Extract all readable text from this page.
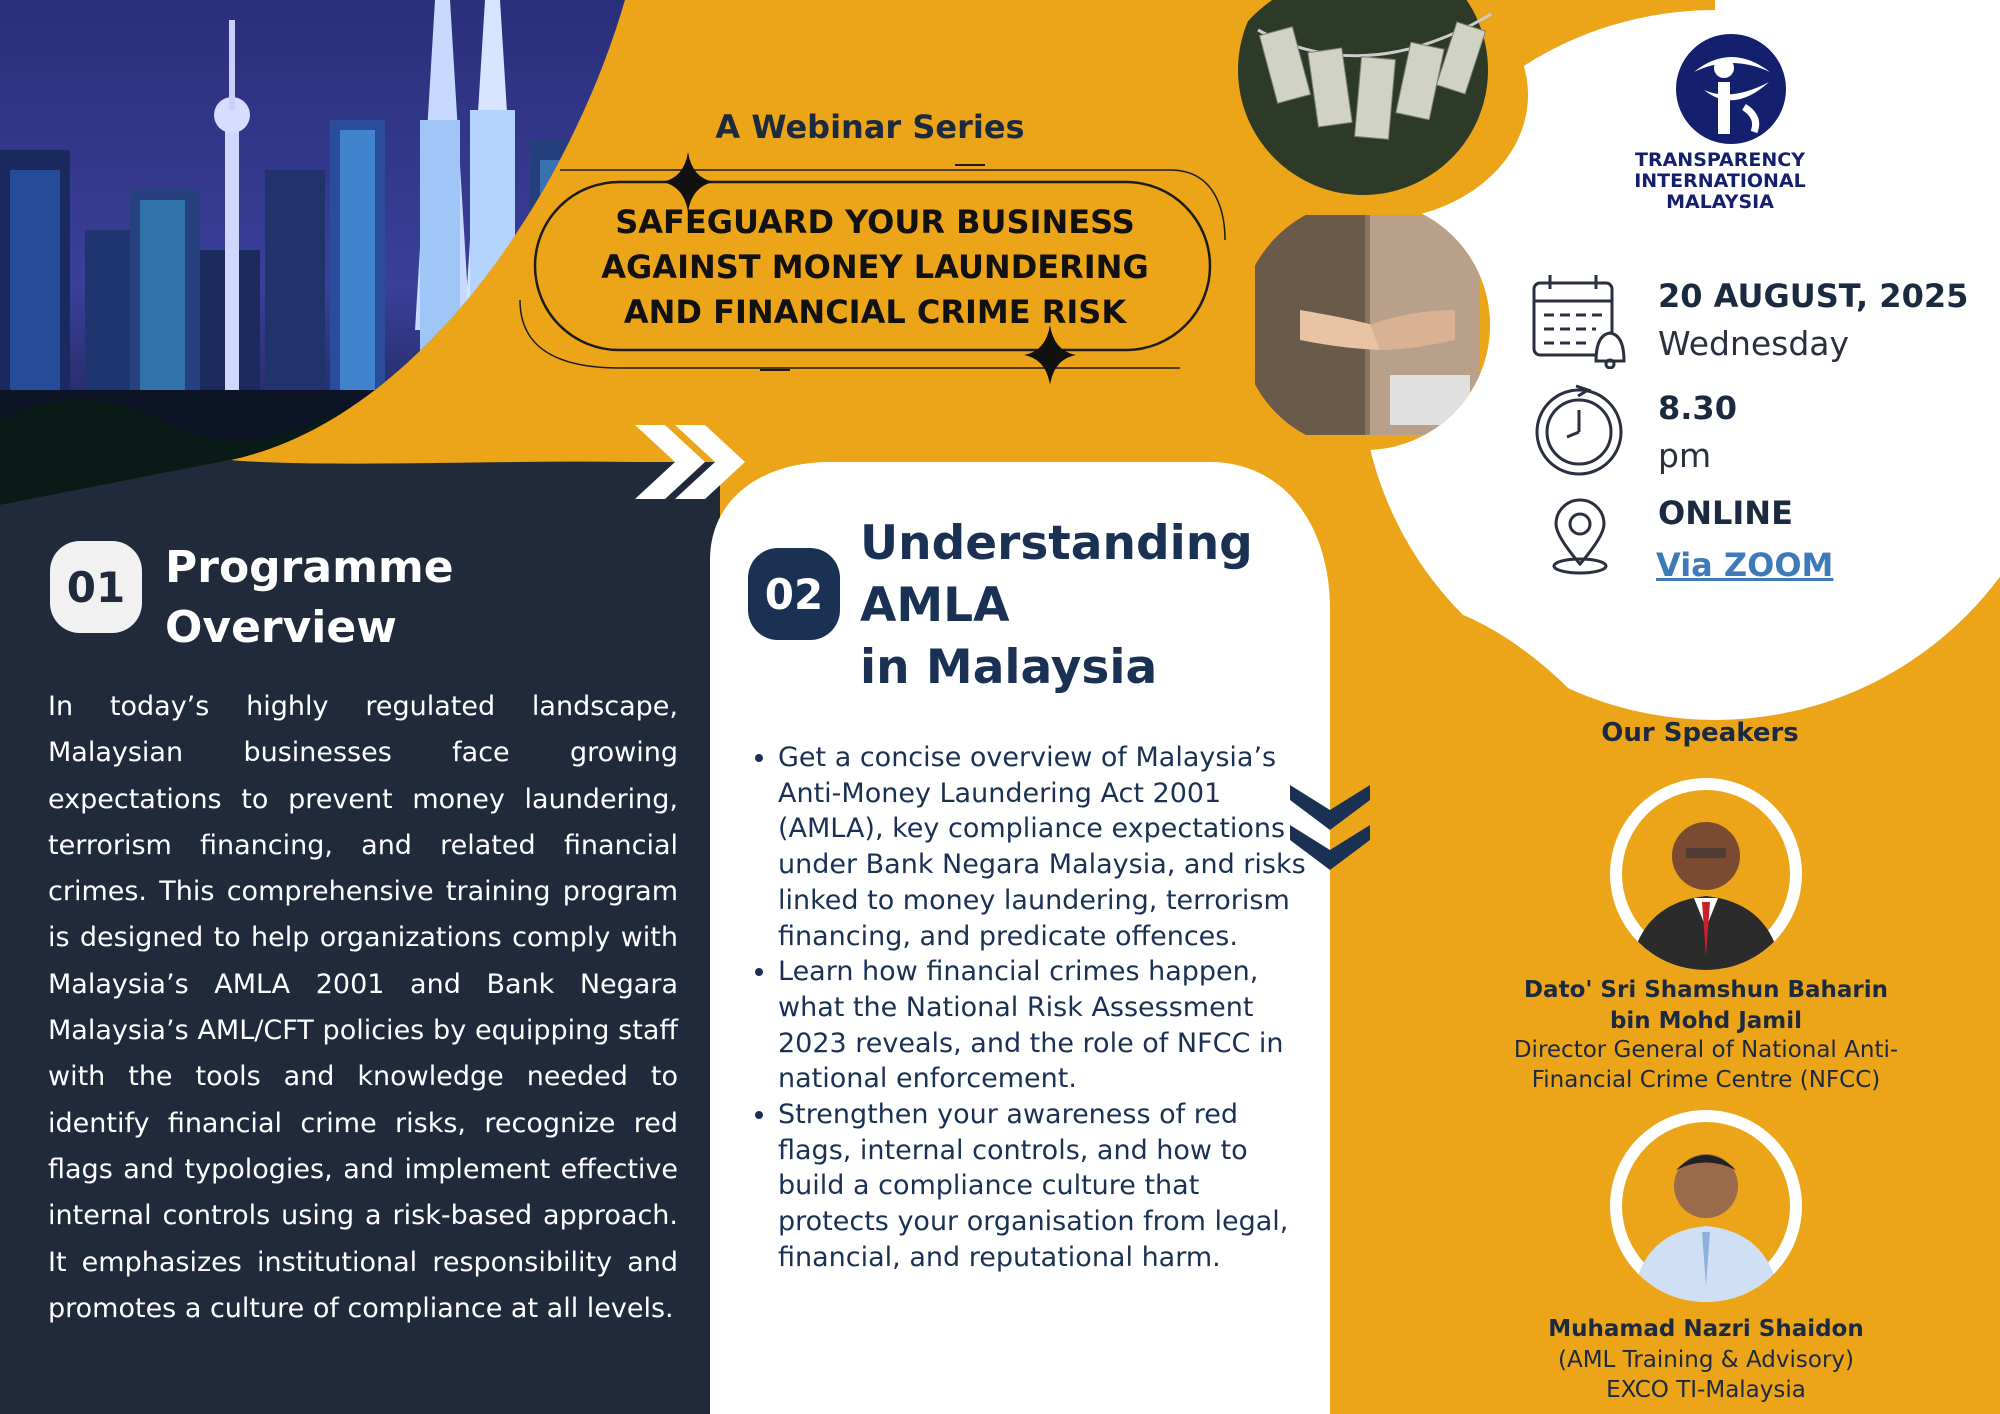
A Webinar Series
SAFEGUARD YOUR BUSINESS
AGAINST MONEY LAUNDERING
AND FINANCIAL CRIME RISK
TRANSPARENCY
INTERNATIONAL
MALAYSIA
20 AUGUST, 2025
Wednesday
8.30
pm
ONLINE
Via ZOOM
01 Programme
Overview
In today’s highly regulated landscape, Malaysian businesses face growing expectations to prevent money laundering, terrorism financing, and related financial crimes. This comprehensive training program is designed to help organizations comply with Malaysia’s AMLA 2001 and Bank Negara Malaysia’s AML/CFT policies by equipping staff with the tools and knowledge needed to identify financial crime risks, recognize red flags and typologies, and implement effective internal controls using a risk-based approach. It emphasizes institutional responsibility and promotes a culture of compliance at all levels.
02
Understanding
AMLA
in Malaysia
• Get a concise overview of Malaysia’s Anti-Money Laundering Act 2001 (AMLA), key compliance expectations under Bank Negara Malaysia, and risks linked to money laundering, terrorism financing, and predicate offences.
• Learn how financial crimes happen, what the National Risk Assessment 2023 reveals, and the role of NFCC in national enforcement.
• Strengthen your awareness of red flags, internal controls, and how to build a compliance culture that protects your organisation from legal, financial, and reputational harm.
Our Speakers
Dato' Sri Shamshun Baharin
bin Mohd Jamil
Director General of National Anti-
Financial Crime Centre (NFCC)
Muhamad Nazri Shaidon
(AML Training & Advisory)
EXCO TI-Malaysia
